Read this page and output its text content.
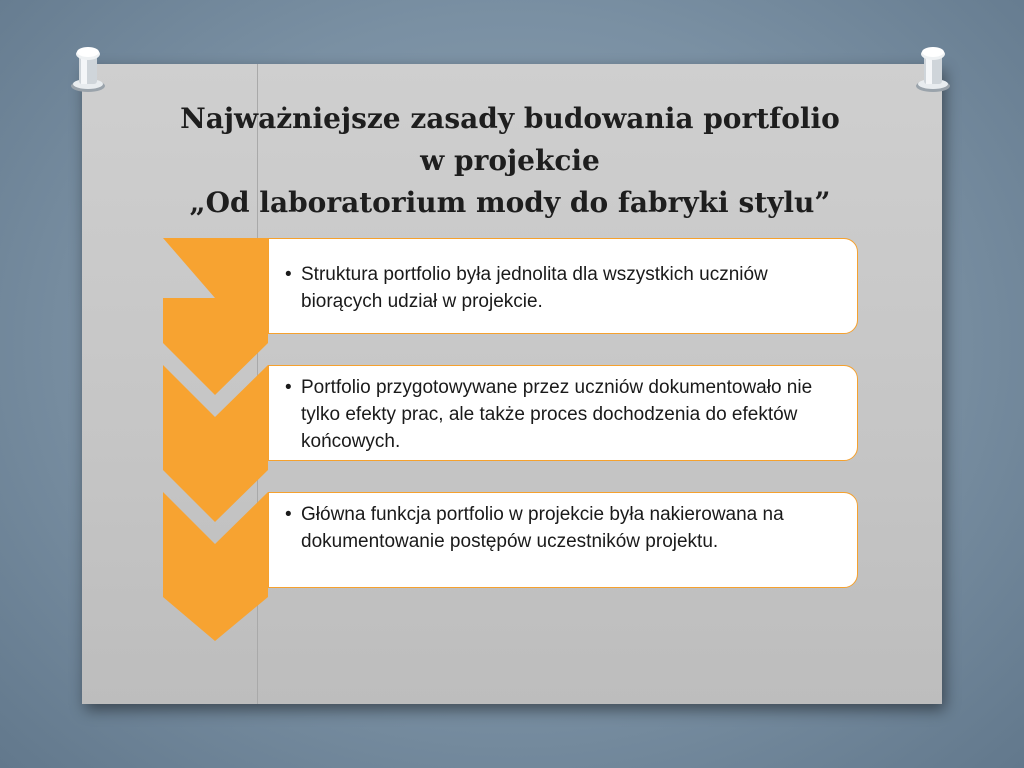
Najważniejsze zasady budowania portfolio
w projekcie
„Od laboratorium mody do fabryki stylu”
• Struktura portfolio była jednolita dla wszystkich uczniów biorących udział w projekcie.
• Portfolio przygotowywane przez uczniów dokumentowało nie tylko efekty prac, ale także proces dochodzenia do efektów końcowych.
• Główna funkcja portfolio w projekcie była nakierowana na dokumentowanie postępów uczestników projektu.
